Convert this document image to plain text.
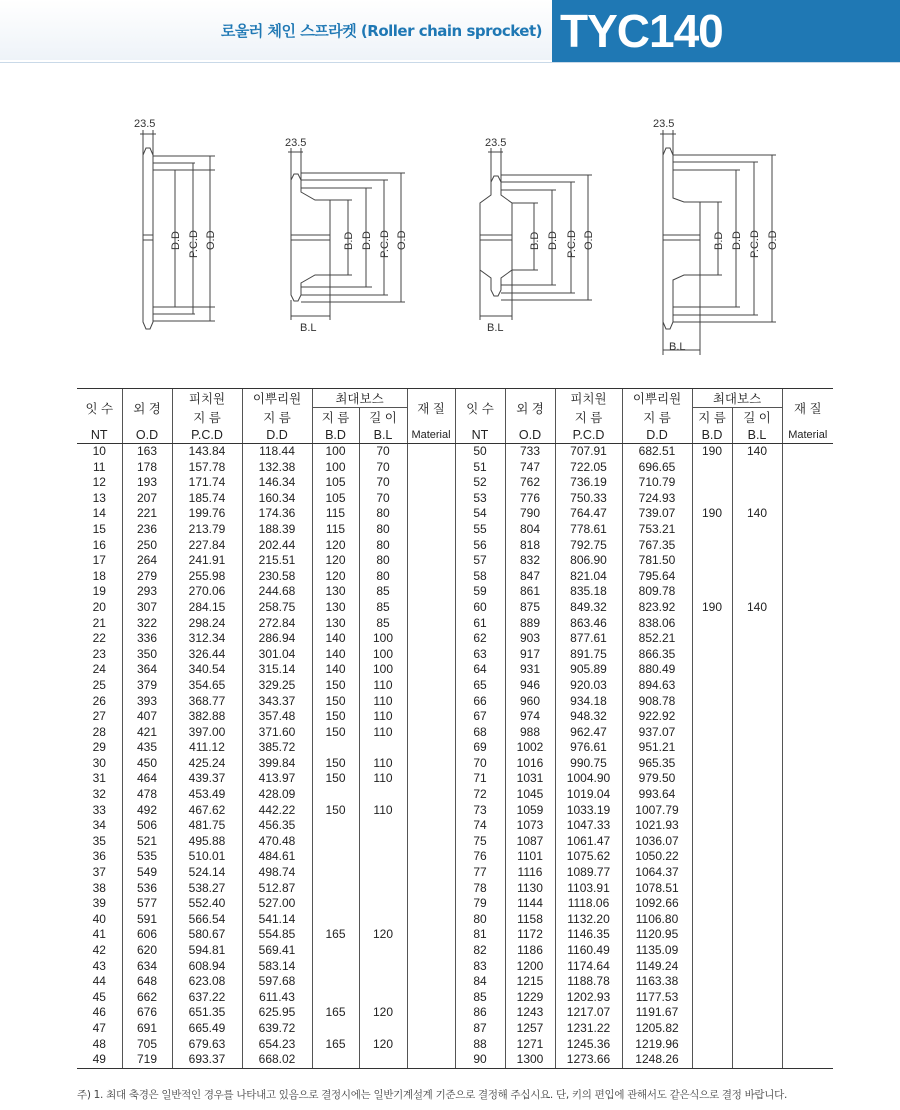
로울러 체인 스프라켓 (Roller chain sprocket) TYC140
23.5
D.D P.C.D O.D
23.5
B.D D.D P.C.D O.D
B.L
23.5
B.D D.D P.C.D O.D
B.L
23.5
B.D D.D P.C.D O.D
B.L
잇 수	외 경	피치원	이뿌리원	최대보스		재 질	잇 수	외 경	피치원	이뿌리원	최대보스		재 질
		지 름	지 름	지 름	길 이				지 름	지 름	지 름	길 이	
NT	O.D	P.C.D	D.D	B.D	B.L	Material	NT	O.D	P.C.D	D.D	B.D	B.L	Material
10	163	143.84	118.44	100	70		50	733	707.91	682.51	190	140	
11	178	157.78	132.38	100	70		51	747	722.05	696.65			
12	193	171.74	146.34	105	70		52	762	736.19	710.79			
13	207	185.74	160.34	105	70		53	776	750.33	724.93			
14	221	199.76	174.36	115	80		54	790	764.47	739.07	190	140	
15	236	213.79	188.39	115	80		55	804	778.61	753.21			
16	250	227.84	202.44	120	80		56	818	792.75	767.35			
17	264	241.91	215.51	120	80		57	832	806.90	781.50			
18	279	255.98	230.58	120	80		58	847	821.04	795.64			
19	293	270.06	244.68	130	85		59	861	835.18	809.78			
20	307	284.15	258.75	130	85		60	875	849.32	823.92	190	140	
21	322	298.24	272.84	130	85		61	889	863.46	838.06			
22	336	312.34	286.94	140	100		62	903	877.61	852.21			
23	350	326.44	301.04	140	100		63	917	891.75	866.35			
24	364	340.54	315.14	140	100		64	931	905.89	880.49			
25	379	354.65	329.25	150	110		65	946	920.03	894.63			
26	393	368.77	343.37	150	110		66	960	934.18	908.78			
27	407	382.88	357.48	150	110		67	974	948.32	922.92			
28	421	397.00	371.60	150	110		68	988	962.47	937.07			
29	435	411.12	385.72				69	1002	976.61	951.21			
30	450	425.24	399.84	150	110		70	1016	990.75	965.35			
31	464	439.37	413.97	150	110		71	1031	1004.90	979.50			
32	478	453.49	428.09				72	1045	1019.04	993.64			
33	492	467.62	442.22	150	110		73	1059	1033.19	1007.79			
34	506	481.75	456.35				74	1073	1047.33	1021.93			
35	521	495.88	470.48				75	1087	1061.47	1036.07			
36	535	510.01	484.61				76	1101	1075.62	1050.22			
37	549	524.14	498.74				77	1116	1089.77	1064.37			
38	536	538.27	512.87				78	1130	1103.91	1078.51			
39	577	552.40	527.00				79	1144	1118.06	1092.66			
40	591	566.54	541.14				80	1158	1132.20	1106.80			
41	606	580.67	554.85	165	120		81	1172	1146.35	1120.95			
42	620	594.81	569.41				82	1186	1160.49	1135.09			
43	634	608.94	583.14				83	1200	1174.64	1149.24			
44	648	623.08	597.68				84	1215	1188.78	1163.38			
45	662	637.22	611.43				85	1229	1202.93	1177.53			
46	676	651.35	625.95	165	120		86	1243	1217.07	1191.67			
47	691	665.49	639.72				87	1257	1231.22	1205.82			
48	705	679.63	654.23	165	120		88	1271	1245.36	1219.96			
49	719	693.37	668.02				90	1300	1273.66	1248.26			
주) 1. 최대 축경은 일반적인 경우를 나타내고 있음으로 결정시에는 일반기계설계 기준으로 결정해 주십시요. 단, 키의 편입에 관해서도 같은식으로 결정 바랍니다.
